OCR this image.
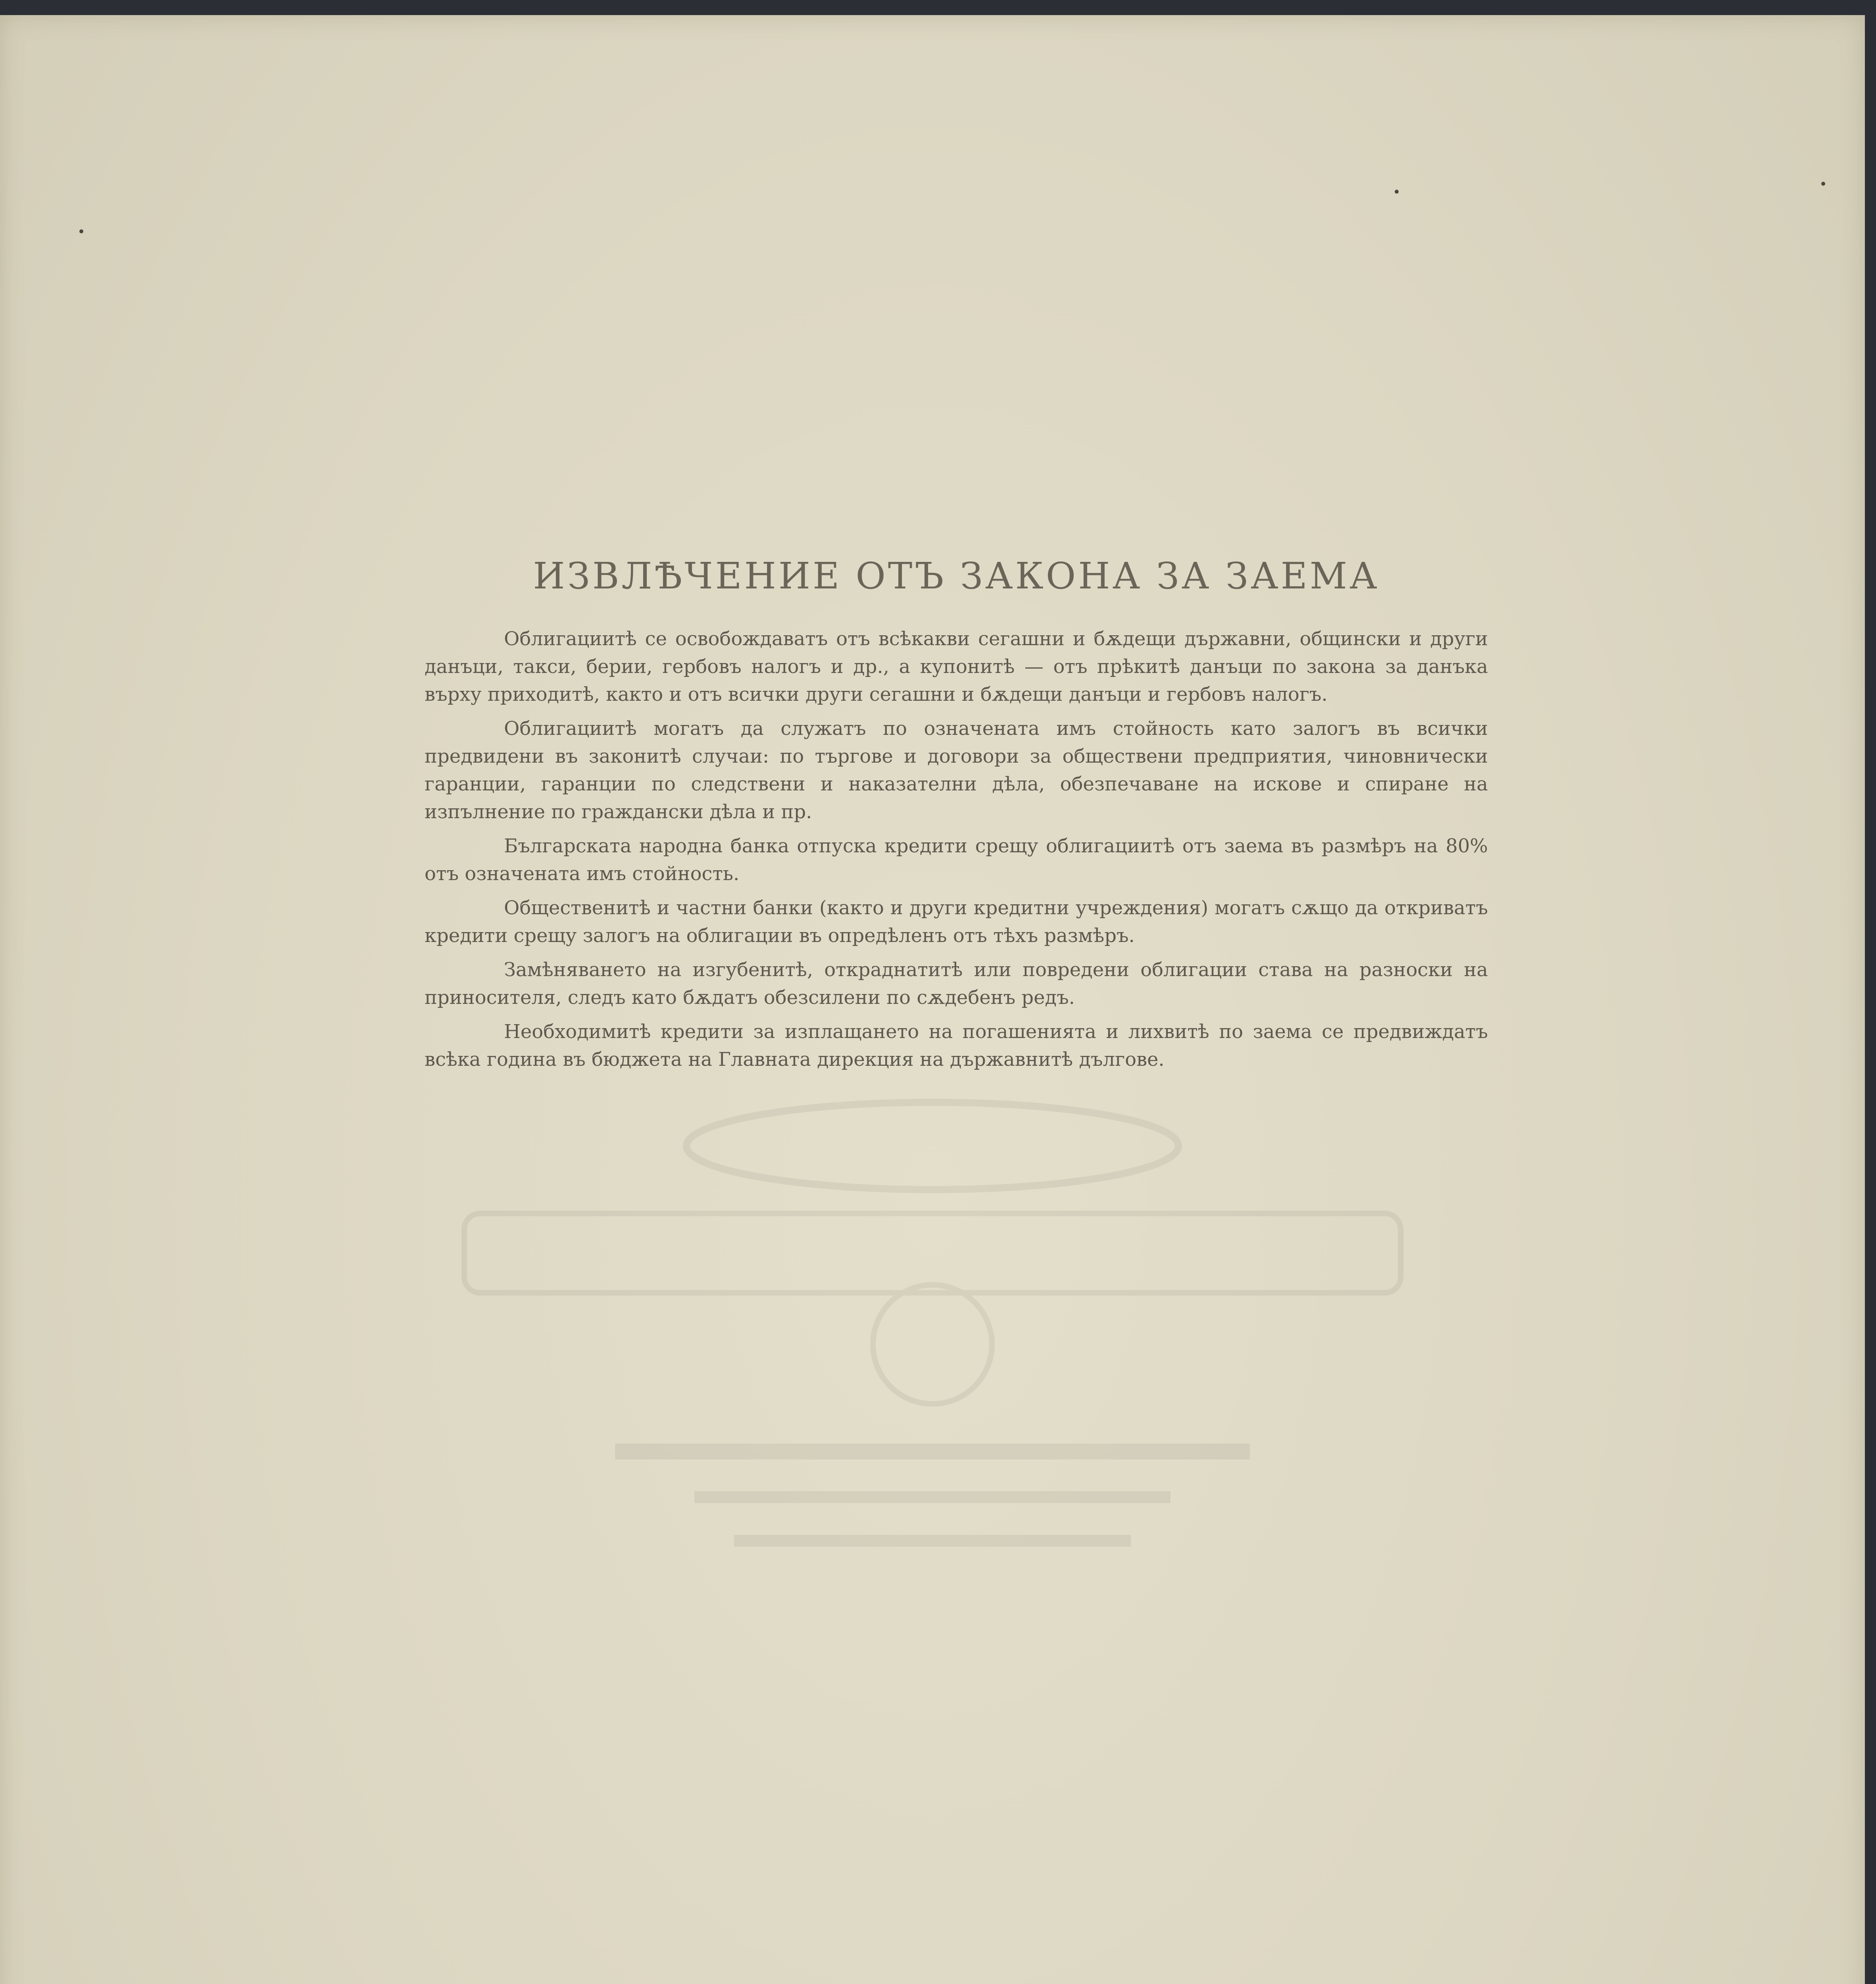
ИЗВЛѢЧЕНИЕ ОТЪ ЗАКОНА ЗА ЗАЕМА

Облигациитѣ се освобождаватъ отъ всѣкакви сегашни и бѫдещи държавни, общински и други данъци, такси, берии, гербовъ налогъ и др., а купонитѣ — отъ прѣкитѣ данъци по закона за данъка върху приходитѣ, както и отъ всички други сегашни и бѫдещи данъци и гербовъ налогъ.

Облигациитѣ могатъ да служатъ по означената имъ стойность като залогъ въ всички предвидени въ законитѣ случаи: по търгове и договори за обществени предприятия, чиновнически гаранции, гаранции по следствени и наказателни дѣла, обезпечаване на искове и спиране на изпълнение по граждански дѣла и пр.

Българската народна банка отпуска кредити срещу облигациитѣ отъ заема въ размѣръ на 80% отъ означената имъ стойность.

Общественитѣ и частни банки (както и други кредитни учреждения) могатъ сѫщо да откриватъ кредити срещу залогъ на облигации въ опредѣленъ отъ тѣхъ размѣръ.

Замѣняването на изгубенитѣ, откраднатитѣ или повредени облигации става на разноски на приносителя, следъ като бѫдатъ обезсилени по сѫдебенъ редъ.

Необходимитѣ кредити за изплащането на погашенията и лихвитѣ по заема се предвиждатъ всѣка година въ бюджета на Главната дирекция на държавнитѣ дългове.
